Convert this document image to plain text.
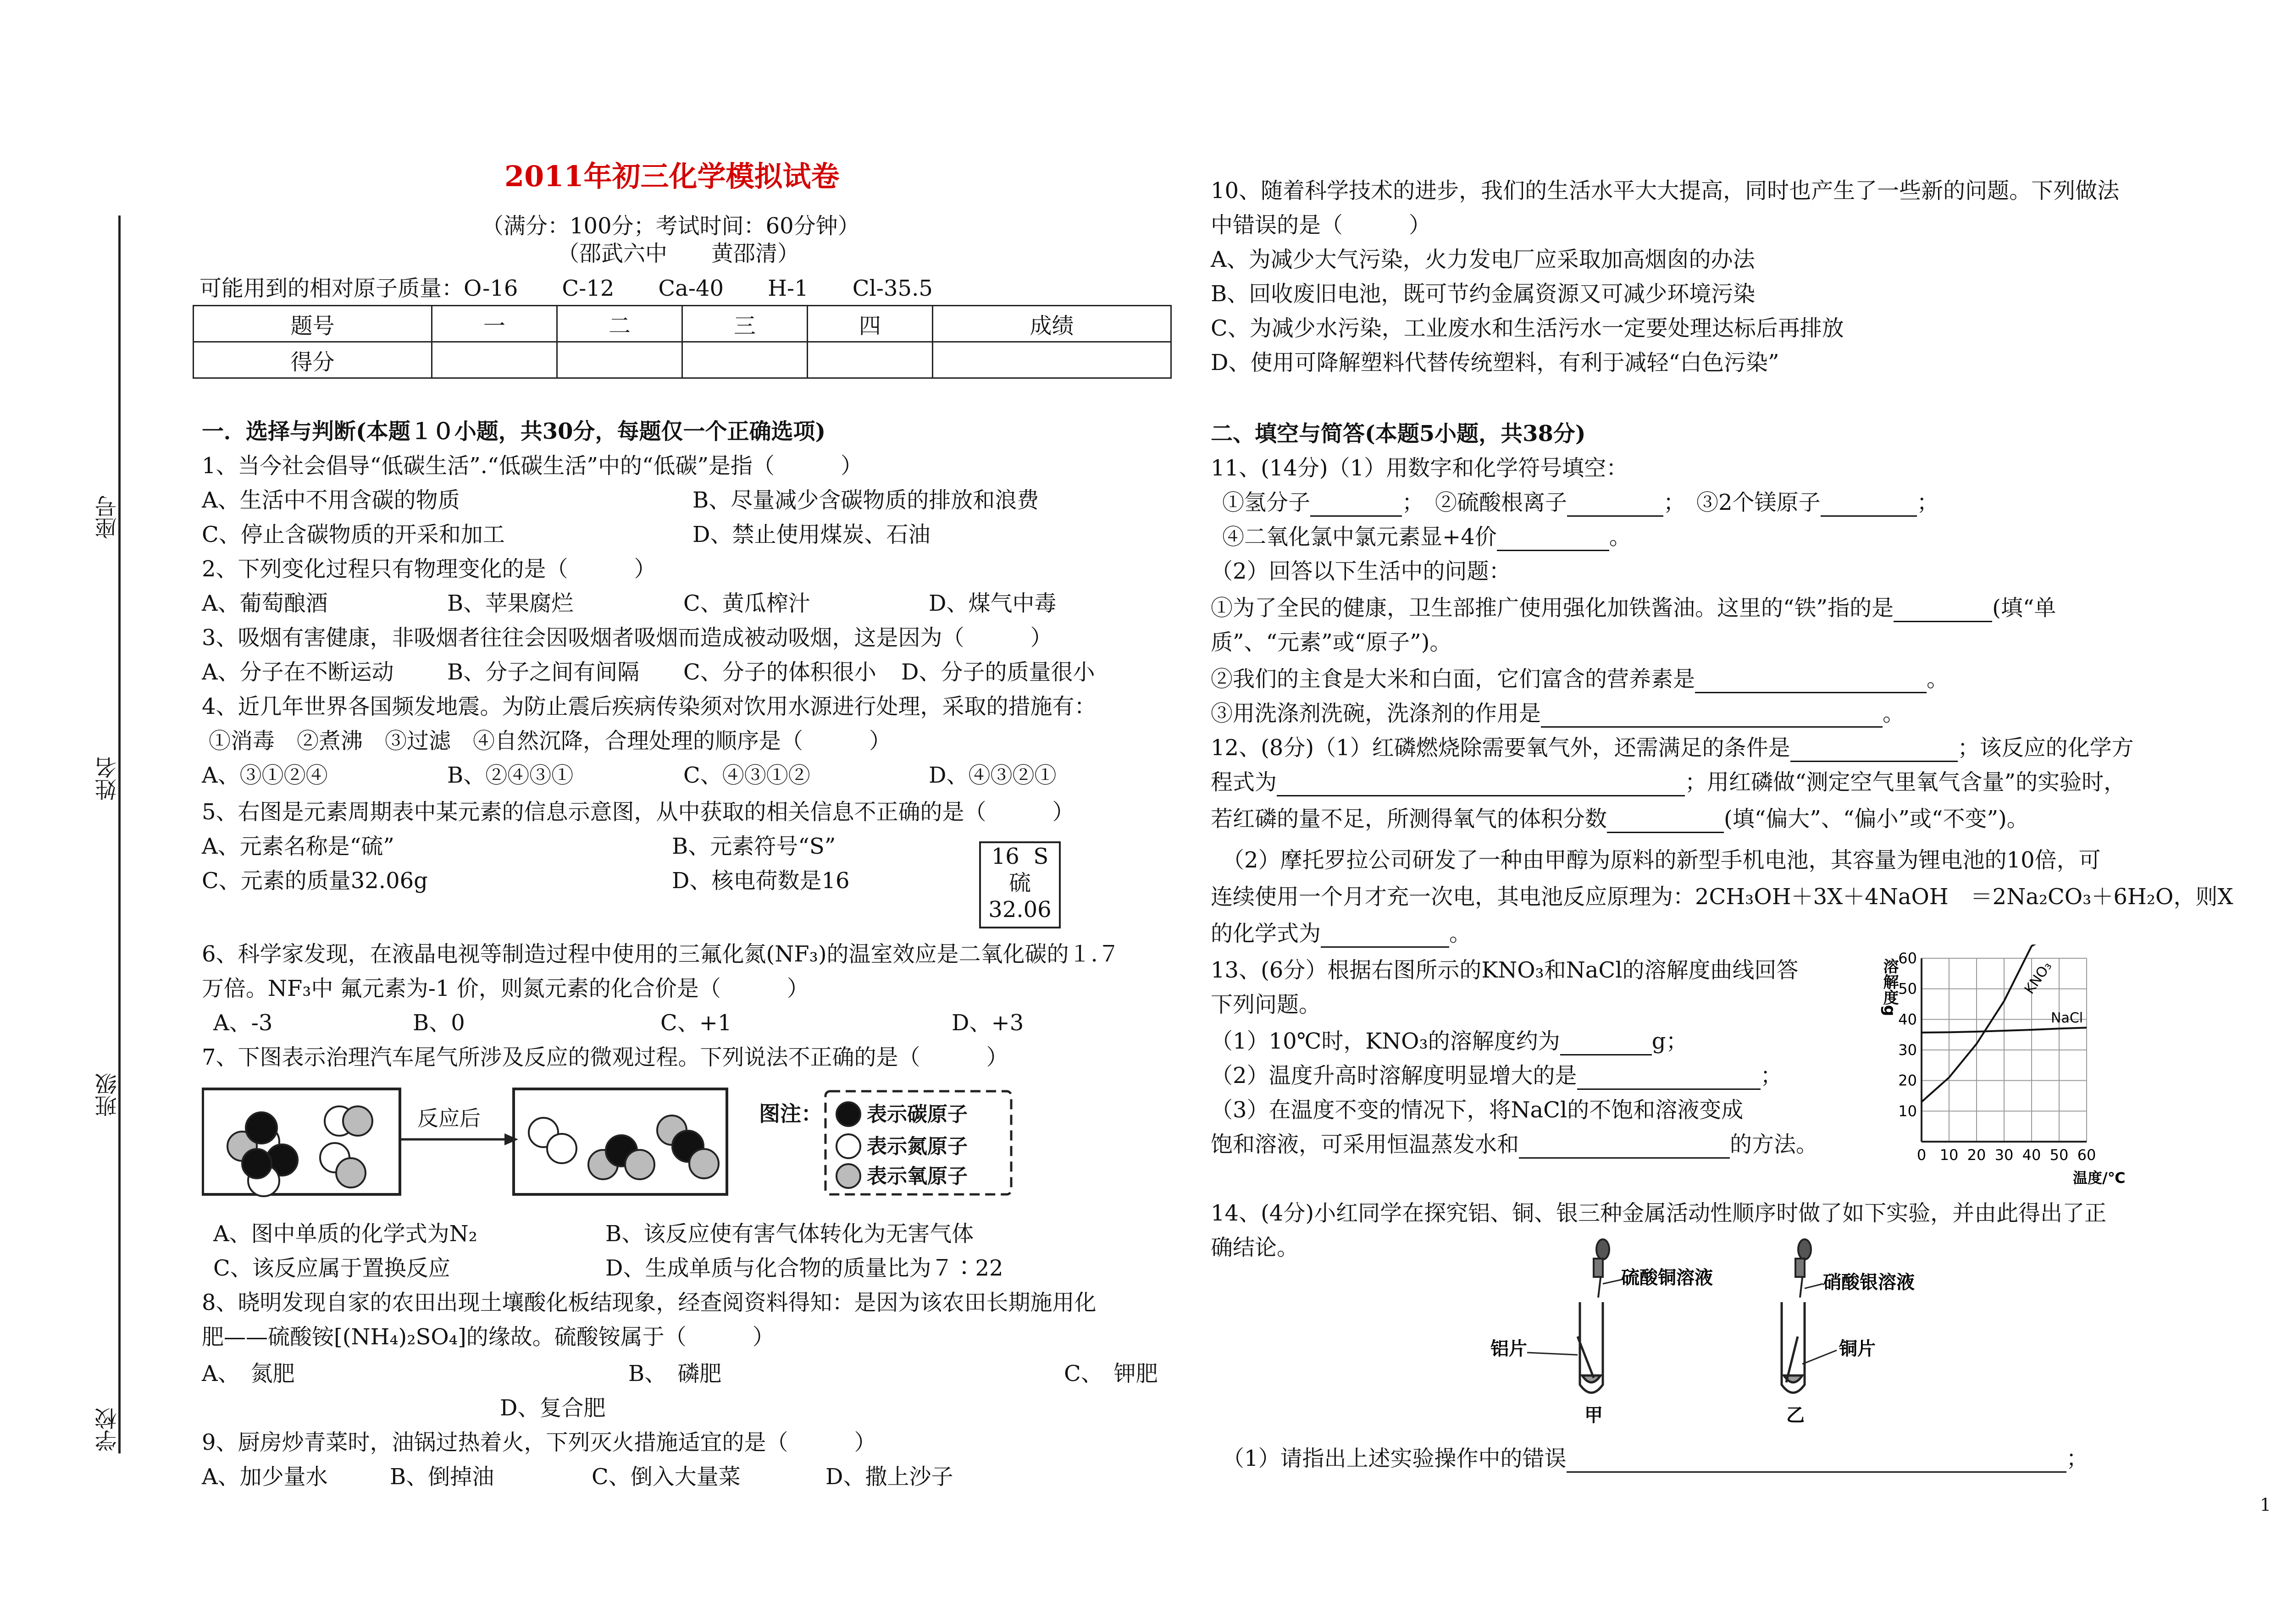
座号
姓名
班级
学校
2011年初三化学模拟试卷
（满分：100分；考试时间：60分钟）
（邵武六中　　黄邵清）
可能用到的相对原子质量：O-16　　C-12　　Ca-40　　H-1　　Cl-35.5
题号	一	二	三	四	成绩
得分					
一．选择与判断(本题１０小题，共30分，每题仅一个正确选项)
1、当今社会倡导“低碳生活”.“低碳生活”中的“低碳”是指（　　　）
A、生活中不用含碳的物质	B、尽量减少含碳物质的排放和浪费
C、停止含碳物质的开采和加工	D、禁止使用煤炭、石油
2、下列变化过程只有物理变化的是（　　　）
A、葡萄酿酒	B、苹果腐烂	C、黄瓜榨汁	D、煤气中毒
3、吸烟有害健康，非吸烟者往往会因吸烟者吸烟而造成被动吸烟，这是因为（　　　）
A、分子在不断运动 B、分子之间有间隔 C、分子的体积很小 D、分子的质量很小
4、近几年世界各国频发地震。为防止震后疾病传染须对饮用水源进行处理，采取的措施有：
①消毒　②煮沸　③过滤　④自然沉降，合理处理的顺序是（　　　）
A、③①②④	B、②④③①	C、④③①②	D、④③②①
5、右图是元素周期表中某元素的信息示意图，从中获取的相关信息不正确的是（　　　）
A、元素名称是“硫”	B、元素符号“S”
C、元素的质量32.06g	D、核电荷数是16
16 S
硫
32.06
6、科学家发现，在液晶电视等制造过程中使用的三氟化氮(NF₃)的温室效应是二氧化碳的１.７
万倍。NF₃中 氟元素为-1 价，则氮元素的化合价是（　　　）
A、-3	B、0	C、+1	D、+3
7、下图表示治理汽车尾气所涉及反应的微观过程。下列说法不正确的是（　　　）
反应后	图注： 表示碳原子
表示氮原子
表示氧原子
A、图中单质的化学式为N₂	B、该反应使有害气体转化为无害气体
C、该反应属于置换反应	D、生成单质与化合物的质量比为７∶22
8、晓明发现自家的农田出现土壤酸化板结现象，经查阅资料得知：是因为该农田长期施用化
肥——硫酸铵[(NH₄)₂SO₄]的缘故。硫酸铵属于（　　　）
A、　氮肥	B、　磷肥	C、　钾肥
D、复合肥
9、厨房炒青菜时，油锅过热着火，下列灭火措施适宜的是（　　　）
A、加少量水	B、倒掉油	C、倒入大量菜	D、撒上沙子
10、随着科学技术的进步，我们的生活水平大大提高，同时也产生了一些新的问题。下列做法
中错误的是（　　　）
A、为减少大气污染，火力发电厂应采取加高烟囱的办法
B、回收废旧电池，既可节约金属资源又可减少环境污染
C、为减少水污染，工业废水和生活污水一定要处理达标后再排放
D、使用可降解塑料代替传统塑料，有利于减轻“白色污染”
二、填空与简答(本题5小题，共38分)
11、(14分)（1）用数字和化学符号填空：
①氢分子	；　②硫酸根离子	；　③2个镁原子	；
④二氧化氯中氯元素显+4价	。
（2）回答以下生活中的问题：
①为了全民的健康，卫生部推广使用强化加铁酱油。这里的“铁”指的是	(填“单
质”、“元素”或“原子”)。
②我们的主食是大米和白面，它们富含的营养素是	。
③用洗涤剂洗碗，洗涤剂的作用是	。
12、(8分)（1）红磷燃烧除需要氧气外，还需满足的条件是	；该反应的化学方
程式为	；用红磷做“测定空气里氧气含量”的实验时，
若红磷的量不足，所测得氧气的体积分数	(填“偏大”、“偏小”或“不变”)。
（2）摩托罗拉公司研发了一种由甲醇为原料的新型手机电池，其容量为锂电池的10倍，可
连续使用一个月才充一次电，其电池反应原理为：2CH₃OH＋3X＋4NaOH　＝2Na₂CO₃＋6H₂O，则X
的化学式为	。
13、(6分）根据右图所示的KNO₃和NaCl的溶解度曲线回答
下列问题。
（1）10℃时，KNO₃的溶解度约为	g；
（2）温度升高时溶解度明显增大的是	；
（3）在温度不变的情况下，将NaCl的不饱和溶液变成
饱和溶液，可采用恒温蒸发水和	的方法。
KNO₃
NaCl
0 10 20 30 40 50 60
10
20
30
40
50
60
溶解度g
温度/℃
14、(4分)小红同学在探究铝、铜、银三种金属活动性顺序时做了如下实验，并由此得出了正
确结论。
硫酸铜溶液
铝片
甲
硝酸银溶液
铜片
乙
（1）请指出上述实验操作中的错误	；
1
